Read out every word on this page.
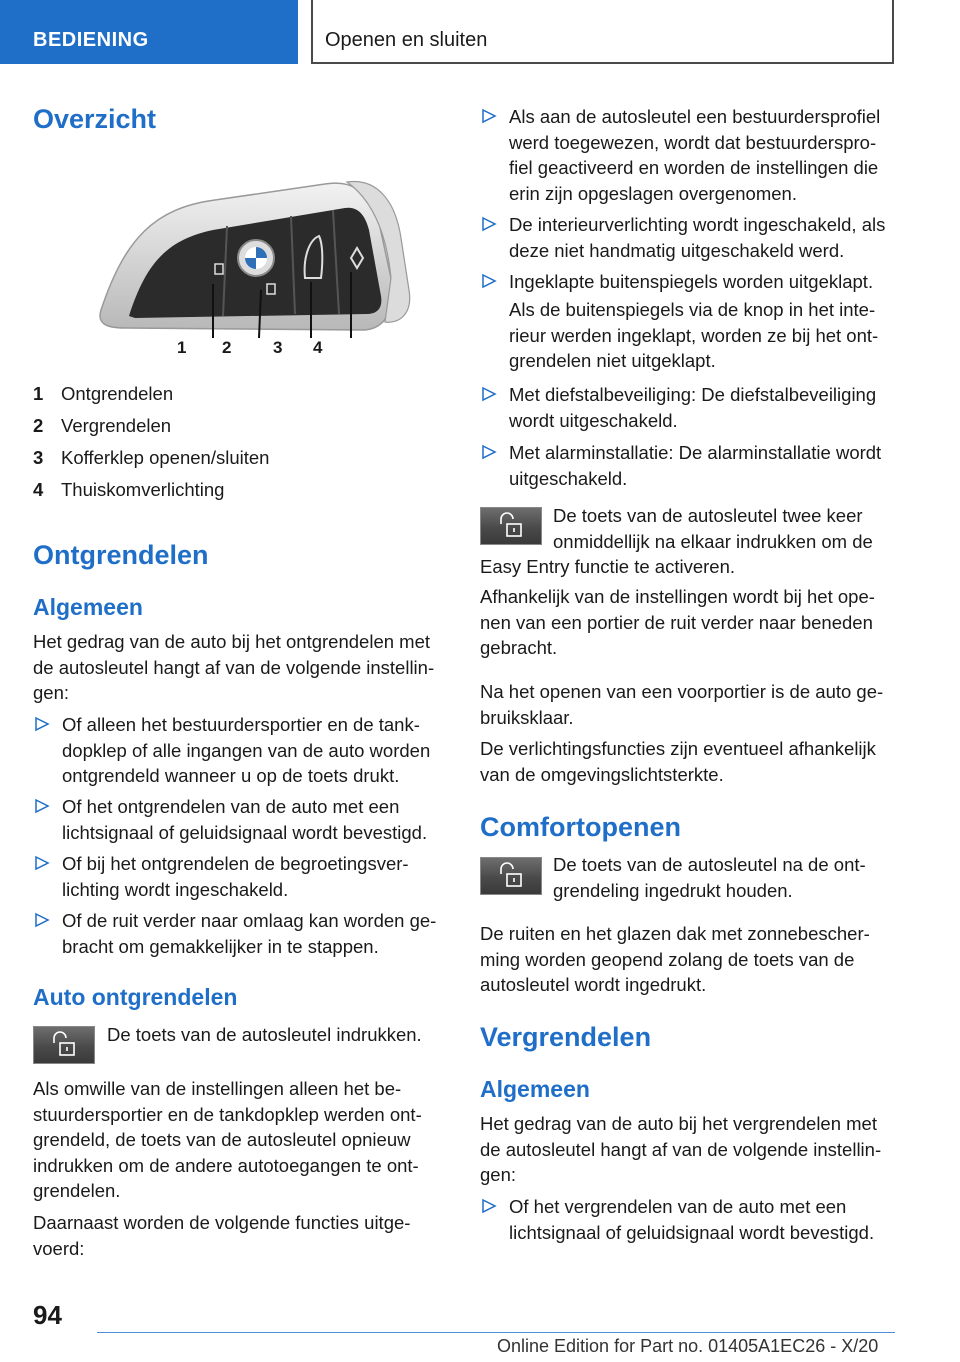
BEDIENING	Openen en sluiten
Overzicht
1 2 3 4
1 Ontgrendelen
2 Vergrendelen
3 Kofferklep openen/sluiten
4 Thuiskomverlichting
Ontgrendelen
Algemeen

Het gedrag van de auto bij het ontgrendelen met de autosleutel hangt af van de volgende instellin-gen:

Of alleen het bestuurdersportier en de tank-dopklep of alle ingangen van de auto worden ontgrendeld wanneer u op de toets drukt.
Of het ontgrendelen van de auto met een lichtsignaal of geluidsignaal wordt bevestigd.
Of bij het ontgrendelen de begroetingsver-lichting wordt ingeschakeld.
Of de ruit verder naar omlaag kan worden ge-bracht om gemakkelijker in te stappen.
Auto ontgrendelen

De toets van de autosleutel indrukken.

Als omwille van de instellingen alleen het be-stuurdersportier en de tankdopklep werden ont-grendeld, de toets van de autosleutel opnieuw indrukken om de andere autotoegangen te ont-grendelen.

Daarnaast worden de volgende functies uitge-voerd:

Als aan de autosleutel een bestuurdersprofiel werd toegewezen, wordt dat bestuurderspro-fiel geactiveerd en worden de instellingen die erin zijn opgeslagen overgenomen.
De interieurverlichting wordt ingeschakeld, als deze niet handmatig uitgeschakeld werd.
Ingeklapte buitenspiegels worden uitgeklapt.

Als de buitenspiegels via de knop in het inte-rieur werden ingeklapt, worden ze bij het ont-grendelen niet uitgeklapt.

Met diefstalbeveiliging: De diefstalbeveiliging wordt uitgeschakeld.
Met alarminstallatie: De alarminstallatie wordt uitgeschakeld.

De toets van de autosleutel twee keer onmiddellijk na elkaar indrukken om de

Easy Entry functie te activeren.

Afhankelijk van de instellingen wordt bij het ope-nen van een portier de ruit verder naar beneden gebracht.

Na het openen van een voorportier is de auto ge-bruiksklaar.

De verlichtingsfuncties zijn eventueel afhankelijk van de omgevingslichtsterkte.

Comfortopenen

De toets van de autosleutel na de ont-grendeling ingedrukt houden.

De ruiten en het glazen dak met zonnebescher-ming worden geopend zolang de toets van de autosleutel wordt ingedrukt.

Vergrendelen
Algemeen

Het gedrag van de auto bij het vergrendelen met de autosleutel hangt af van de volgende instellin-gen:

Of het vergrendelen van de auto met een lichtsignaal of geluidsignaal wordt bevestigd.
94
Online Edition for Part no. 01405A1EC26 - X/20
